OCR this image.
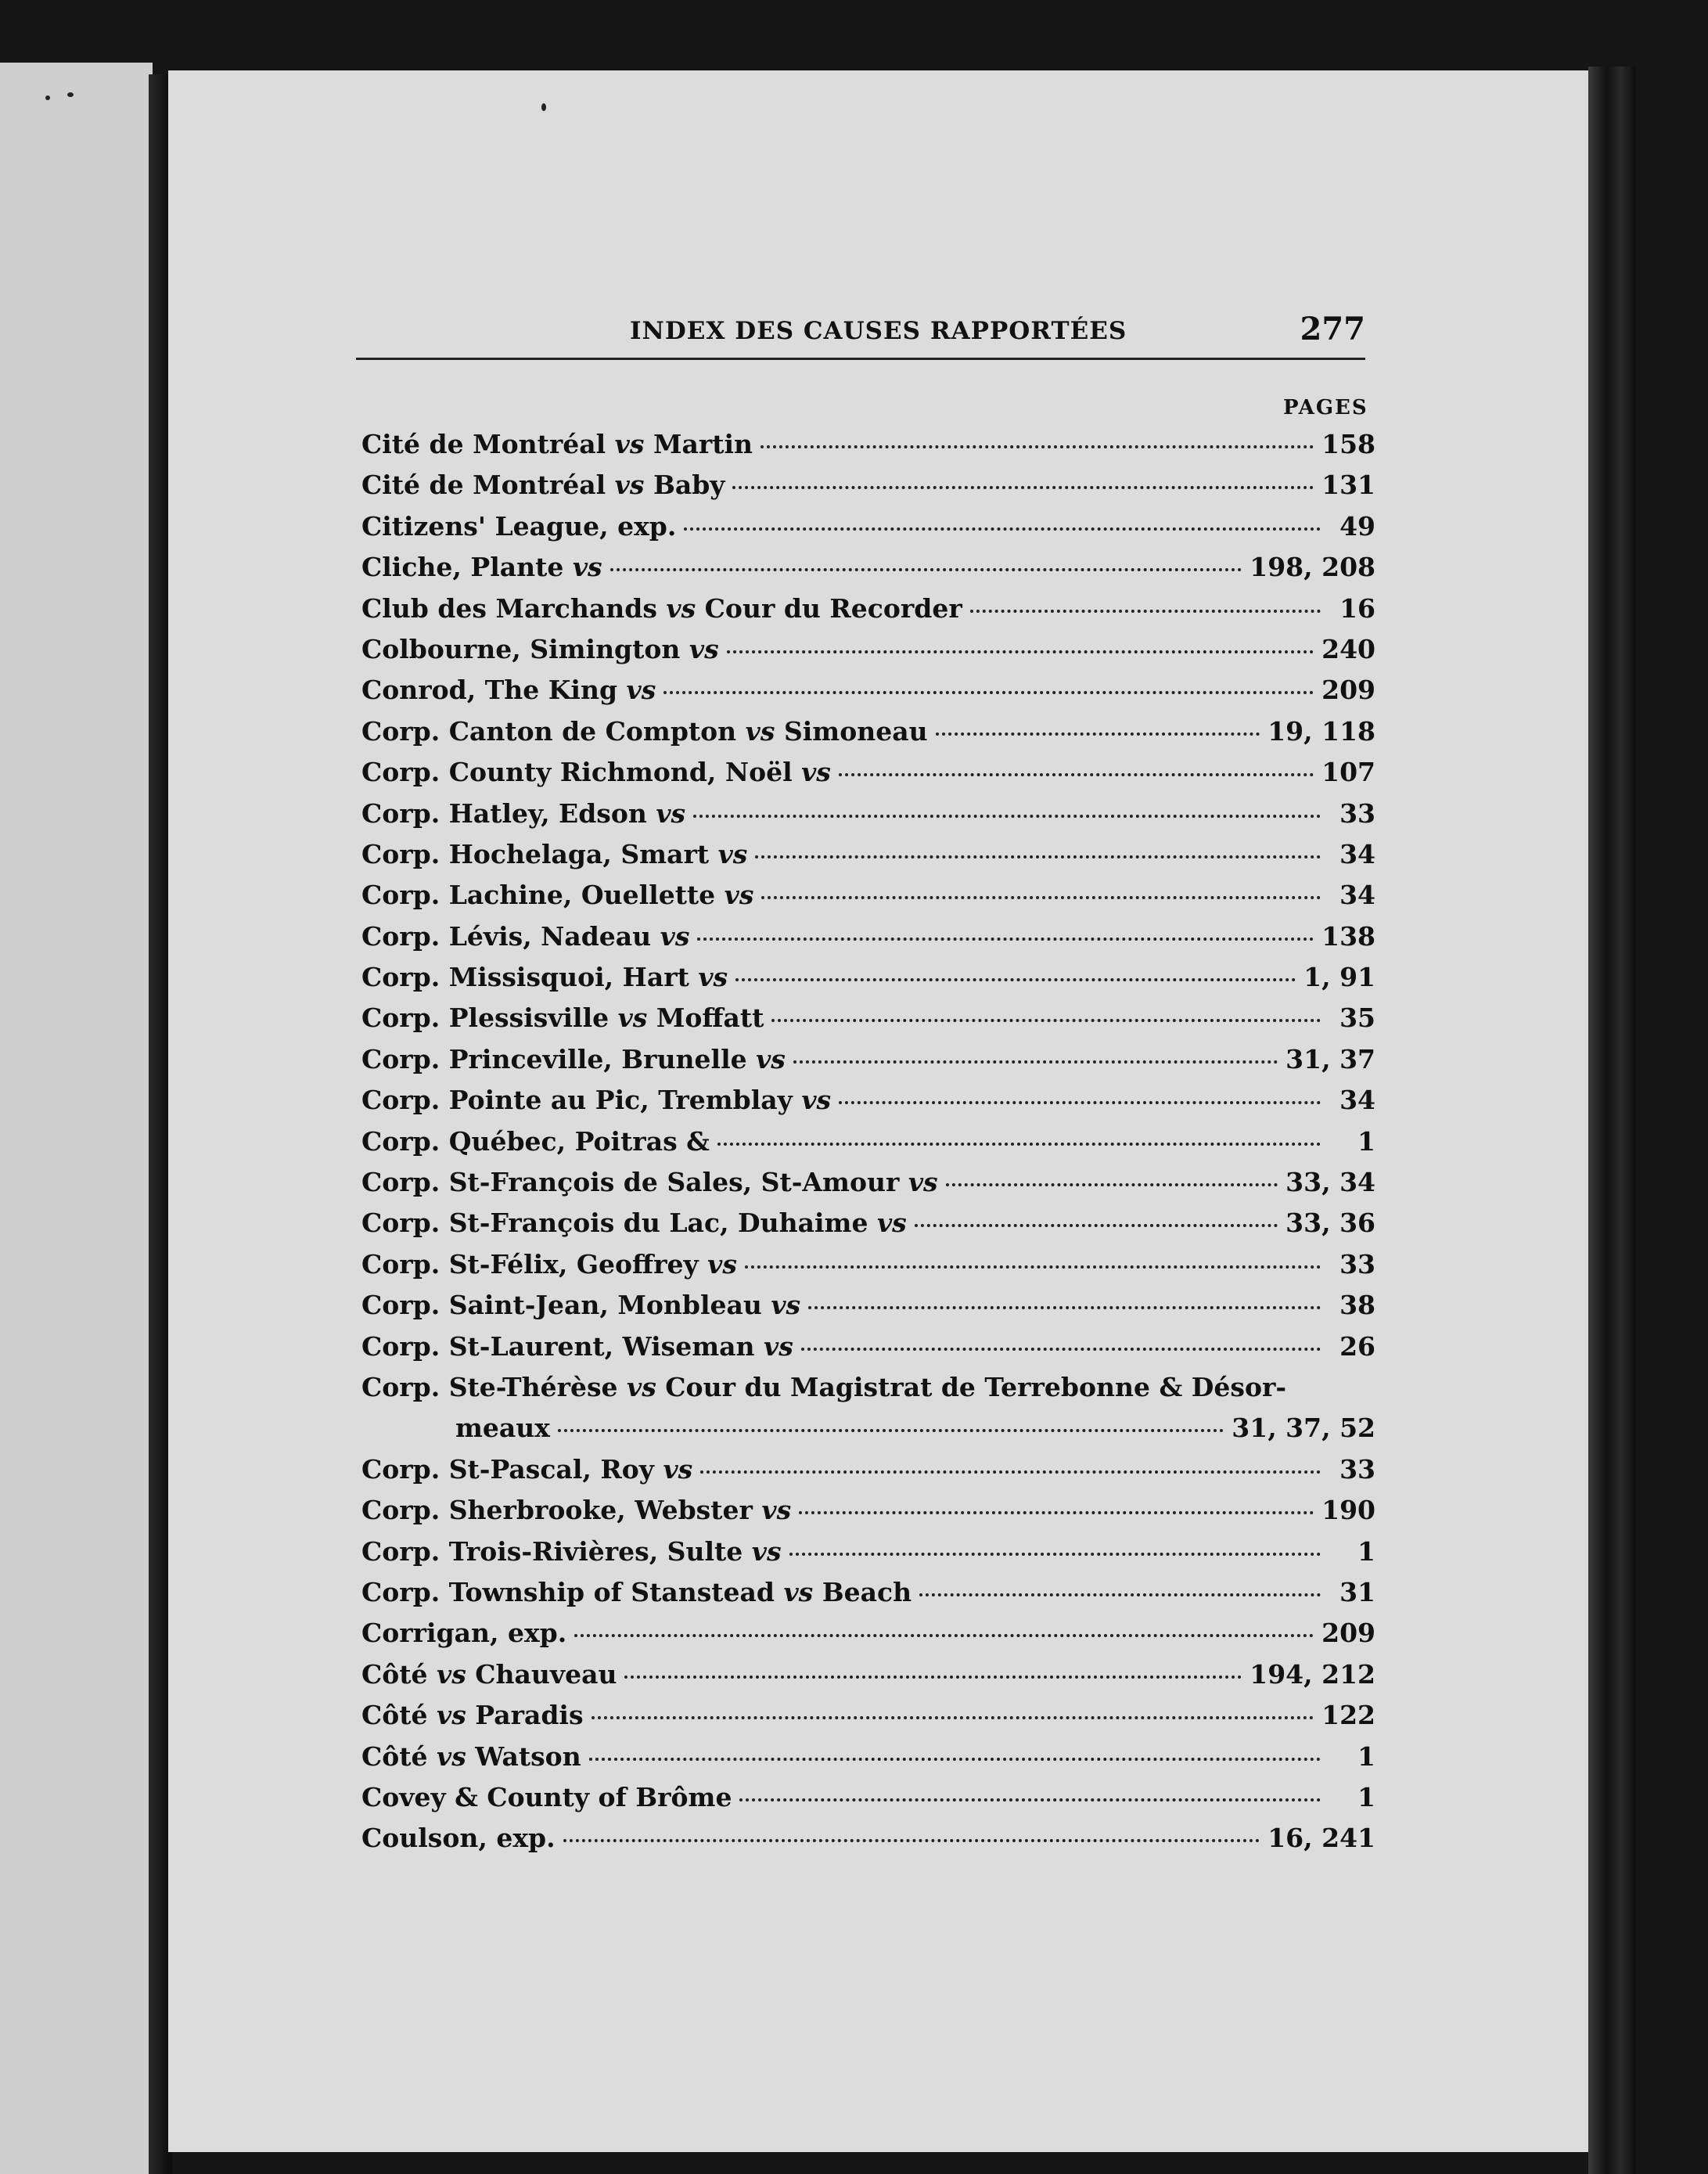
INDEX DES CAUSES RAPPORTÉES	277
PAGES
Cité de Montréal vs Martin	158
Cité de Montréal vs Baby	131
Citizens' League, exp.	49
Cliche, Plante vs	198, 208
Club des Marchands vs Cour du Recorder	16
Colbourne, Simington vs	240
Conrod, The King vs	209
Corp. Canton de Compton vs Simoneau	19, 118
Corp. County Richmond, Noël vs	107
Corp. Hatley, Edson vs	33
Corp. Hochelaga, Smart vs	34
Corp. Lachine, Ouellette vs	34
Corp. Lévis, Nadeau vs	138
Corp. Missisquoi, Hart vs	1, 91
Corp. Plessisville vs Moffatt	35
Corp. Princeville, Brunelle vs	31, 37
Corp. Pointe au Pic, Tremblay vs	34
Corp. Québec, Poitras &	1
Corp. St-François de Sales, St-Amour vs	33, 34
Corp. St-François du Lac, Duhaime vs	33, 36
Corp. St-Félix, Geoffrey vs	33
Corp. Saint-Jean, Monbleau vs	38
Corp. St-Laurent, Wiseman vs	26
Corp. Ste-Thérèse vs Cour du Magistrat de Terrebonne & Désor-
meaux	31, 37, 52
Corp. St-Pascal, Roy vs	33
Corp. Sherbrooke, Webster vs	190
Corp. Trois-Rivières, Sulte vs	1
Corp. Township of Stanstead vs Beach	31
Corrigan, exp.	209
Côté vs Chauveau	194, 212
Côté vs Paradis	122
Côté vs Watson	1
Covey & County of Brôme	1
Coulson, exp.	16, 241
